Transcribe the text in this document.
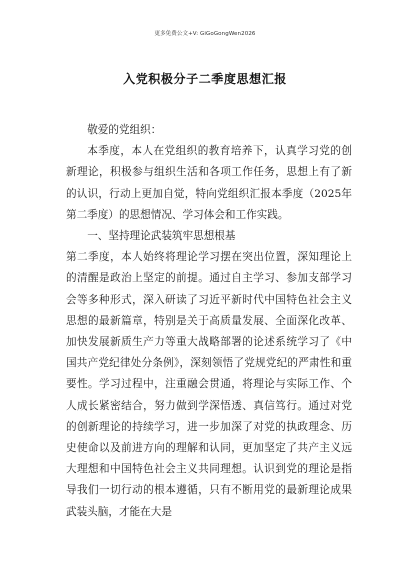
更多免费公文+V: GiGoGongWen2026
入党积极分子二季度思想汇报

敬爱的党组织：

本季度，本人在党组织的教育培养下，认真学习党的创新理论，积极参与组织生活和各项工作任务，思想上有了新的认识，行动上更加自觉，特向党组织汇报本季度（2025年第二季度）的思想情况、学习体会和工作实践。

一、坚持理论武装筑牢思想根基

第二季度，本人始终将理论学习摆在突出位置，深知理论上的清醒是政治上坚定的前提。通过自主学习、参加支部学习会等多种形式，深入研读了习近平新时代中国特色社会主义思想的最新篇章，特别是关于高质量发展、全面深化改革、加快发展新质生产力等重大战略部署的论述系统学习了《中国共产党纪律处分条例》，深刻领悟了党规党纪的严肃性和重要性。学习过程中，注重融会贯通，将理论与实际工作、个人成长紧密结合，努力做到学深悟透、真信笃行。通过对党的创新理论的持续学习，进一步加深了对党的执政理念、历史使命以及前进方向的理解和认同，更加坚定了共产主义远大理想和中国特色社会主义共同理想。认识到党的理论是指导我们一切行动的根本遵循，只有不断用党的最新理论成果武装头脑，才能在大是
